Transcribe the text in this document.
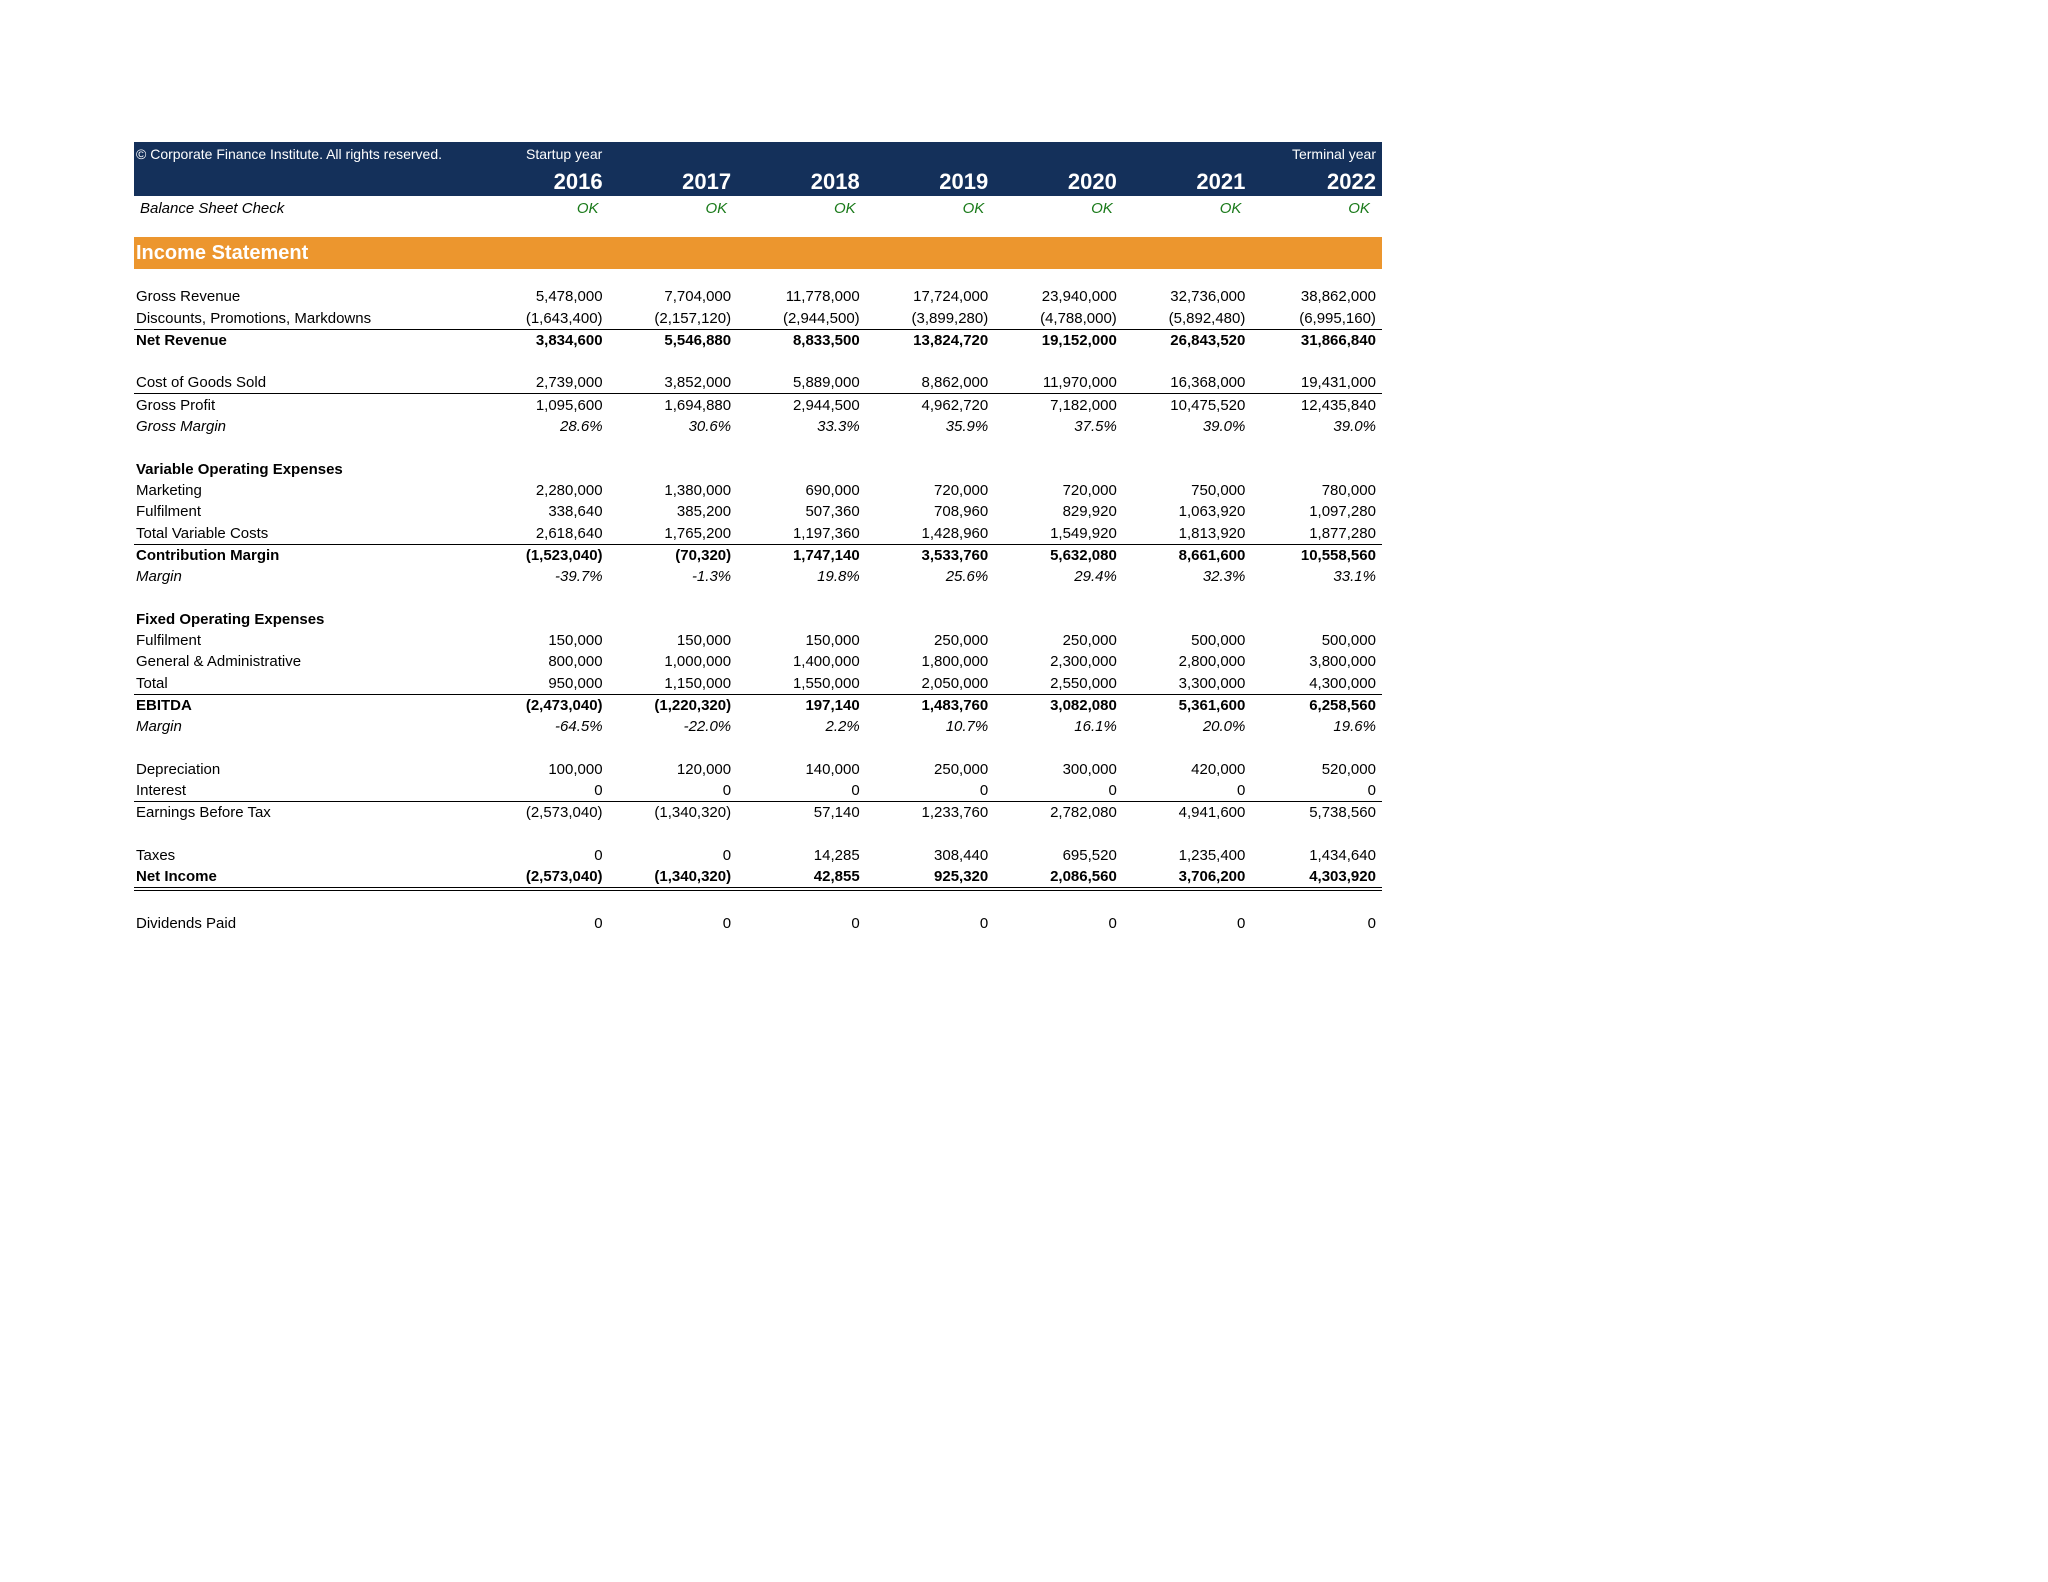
© Corporate Finance Institute. All rights reserved.	Startup year	Terminal year
2016	2017	2018	2019	2020	2021	2022
Balance Sheet Check	OK	OK	OK	OK	OK	OK	OK
Income Statement
Gross Revenue	5,478,000	7,704,000	11,778,000	17,724,000	23,940,000	32,736,000	38,862,000
Discounts, Promotions, Markdowns	(1,643,400)	(2,157,120)	(2,944,500)	(3,899,280)	(4,788,000)	(5,892,480)	(6,995,160)
Net Revenue	3,834,600	5,546,880	8,833,500	13,824,720	19,152,000	26,843,520	31,866,840
Cost of Goods Sold	2,739,000	3,852,000	5,889,000	8,862,000	11,970,000	16,368,000	19,431,000
Gross Profit	1,095,600	1,694,880	2,944,500	4,962,720	7,182,000	10,475,520	12,435,840
Gross Margin	28.6%	30.6%	33.3%	35.9%	37.5%	39.0%	39.0%
Variable Operating Expenses
Marketing	2,280,000	1,380,000	690,000	720,000	720,000	750,000	780,000
Fulfilment	338,640	385,200	507,360	708,960	829,920	1,063,920	1,097,280
Total Variable Costs	2,618,640	1,765,200	1,197,360	1,428,960	1,549,920	1,813,920	1,877,280
Contribution Margin	(1,523,040)	(70,320)	1,747,140	3,533,760	5,632,080	8,661,600	10,558,560
Margin	-39.7%	-1.3%	19.8%	25.6%	29.4%	32.3%	33.1%
Fixed Operating Expenses
Fulfilment	150,000	150,000	150,000	250,000	250,000	500,000	500,000
General & Administrative	800,000	1,000,000	1,400,000	1,800,000	2,300,000	2,800,000	3,800,000
Total	950,000	1,150,000	1,550,000	2,050,000	2,550,000	3,300,000	4,300,000
EBITDA	(2,473,040)	(1,220,320)	197,140	1,483,760	3,082,080	5,361,600	6,258,560
Margin	-64.5%	-22.0%	2.2%	10.7%	16.1%	20.0%	19.6%
Depreciation	100,000	120,000	140,000	250,000	300,000	420,000	520,000
Interest	0	0	0	0	0	0	0
Earnings Before Tax	(2,573,040)	(1,340,320)	57,140	1,233,760	2,782,080	4,941,600	5,738,560
Taxes	0	0	14,285	308,440	695,520	1,235,400	1,434,640
Net Income	(2,573,040)	(1,340,320)	42,855	925,320	2,086,560	3,706,200	4,303,920
Dividends Paid	0	0	0	0	0	0	0
